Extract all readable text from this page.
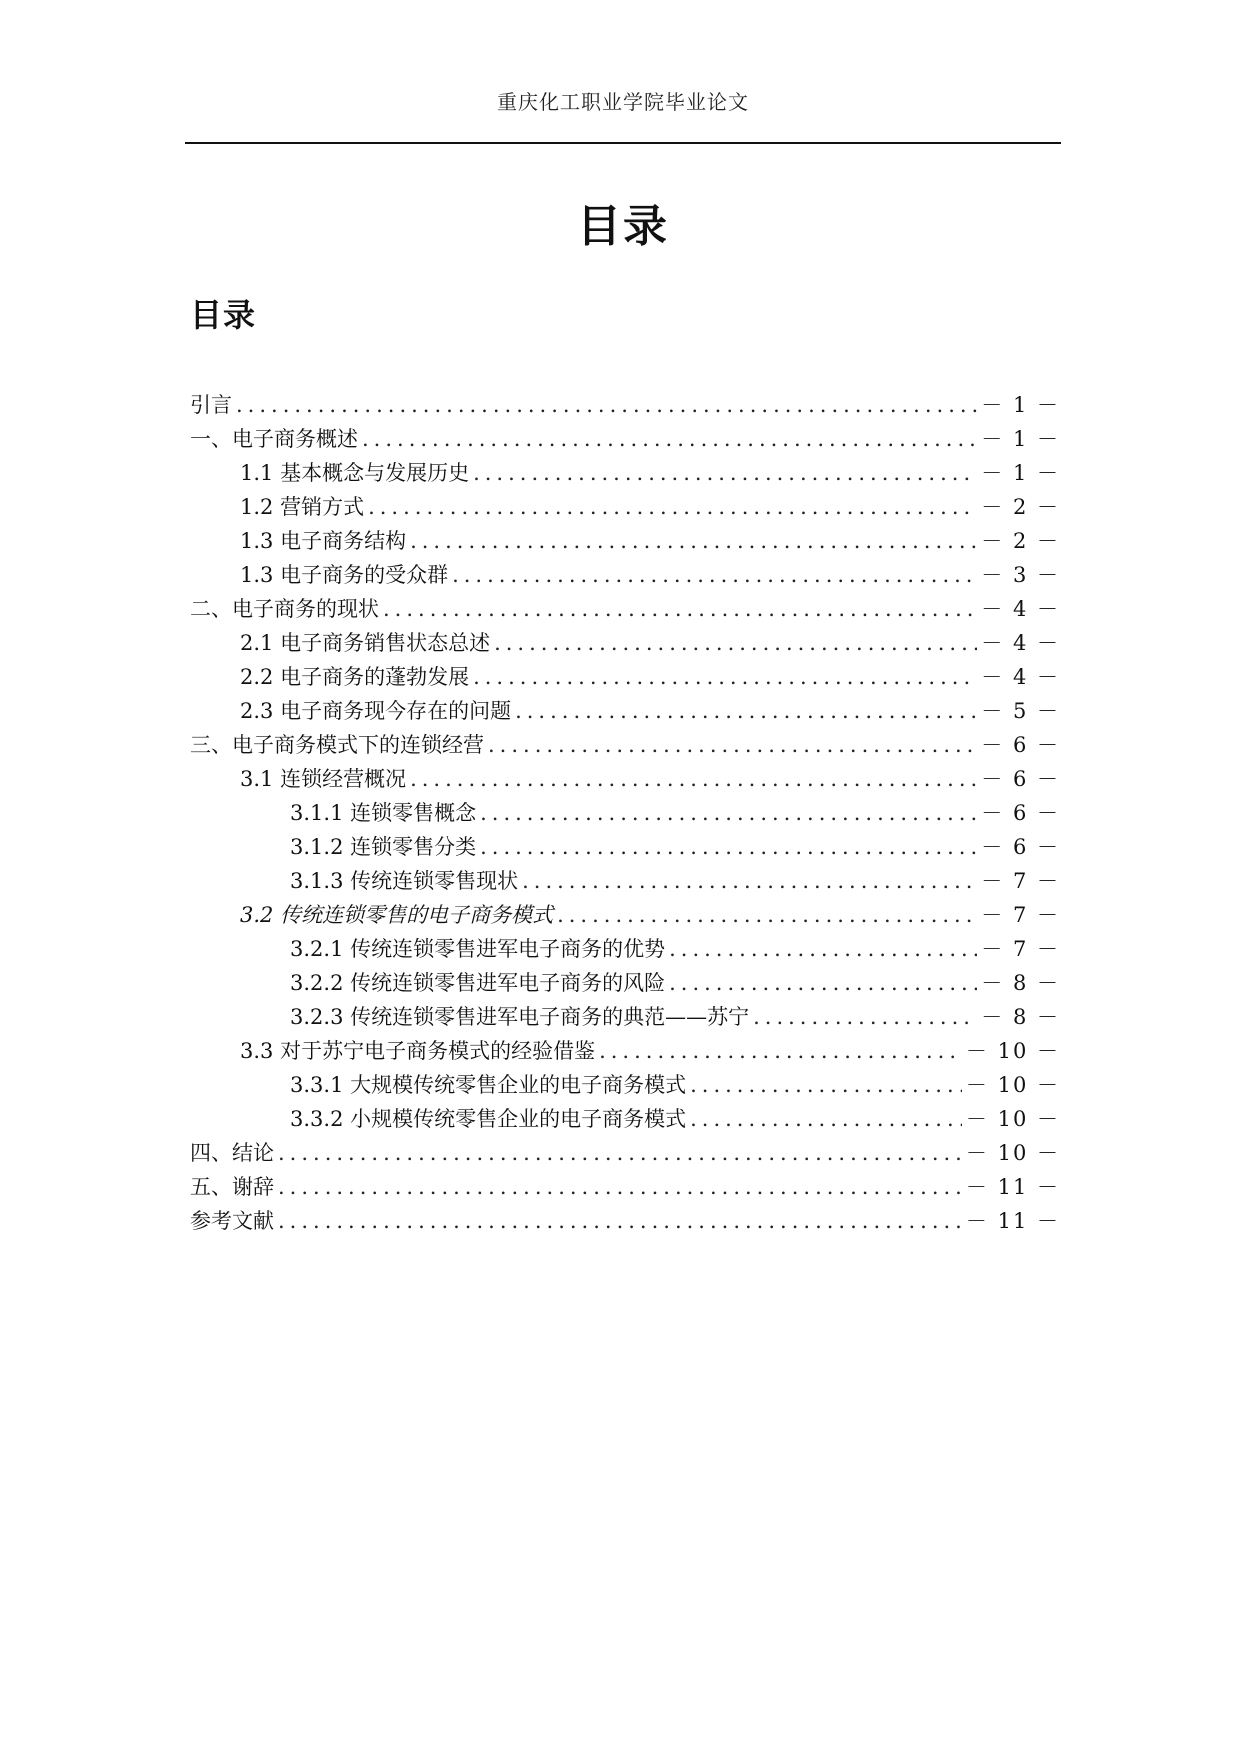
重庆化工职业学院毕业论文
目录
目录
引言 .....	－ 1 －
一、电子商务概述 .....	－ 1 －
1.1 基本概念与发展历史 .....	－ 1 －
1.2 营销方式 .....	－ 2 －
1.3 电子商务结构 .....	－ 2 －
1.3 电子商务的受众群 .....	－ 3 －
二、电子商务的现状 .....	－ 4 －
2.1 电子商务销售状态总述 .....	－ 4 －
2.2 电子商务的蓬勃发展 .....	－ 4 －
2.3 电子商务现今存在的问题 .....	－ 5 －
三、电子商务模式下的连锁经营 .....	－ 6 －
3.1 连锁经营概况 .....	－ 6 －
3.1.1 连锁零售概念 .....	－ 6 －
3.1.2 连锁零售分类 .....	－ 6 －
3.1.3 传统连锁零售现状 .....	－ 7 －
3.2 传统连锁零售的电子商务模式 .....	－ 7 －
3.2.1 传统连锁零售进军电子商务的优势 .....	－ 7 －
3.2.2 传统连锁零售进军电子商务的风险 .....	－ 8 －
3.2.3 传统连锁零售进军电子商务的典范——苏宁 .....	－ 8 －
3.3 对于苏宁电子商务模式的经验借鉴 .....	－ 10 －
3.3.1 大规模传统零售企业的电子商务模式 .....	－ 10 －
3.3.2 小规模传统零售企业的电子商务模式 .....	－ 10 －
四、结论 .....	－ 10 －
五、谢辞 .....	－ 11 －
参考文献 .....	－ 11 －
